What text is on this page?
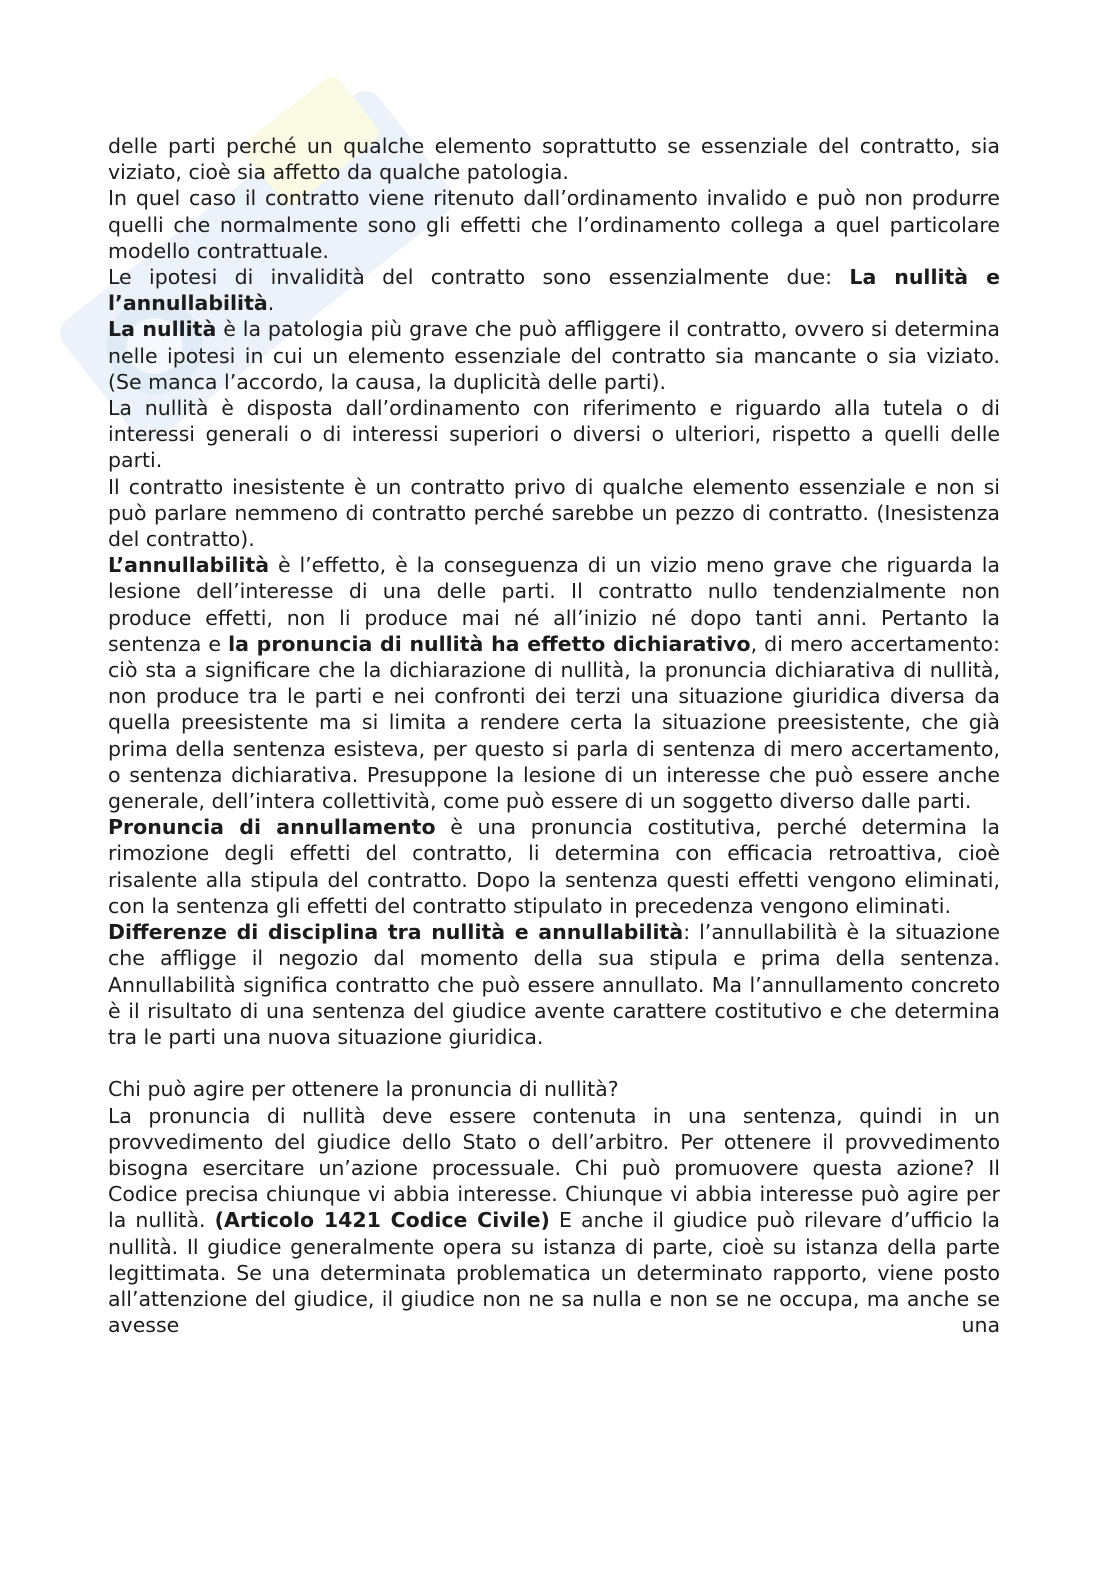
delle parti perché un qualche elemento soprattutto se essenziale del contratto, sia viziato, cioè sia affetto da qualche patologia.

In quel caso il contratto viene ritenuto dall’ordinamento invalido e può non produrre quelli che normalmente sono gli effetti che l’ordinamento collega a quel particolare modello contrattuale.

Le ipotesi di invalidità del contratto sono essenzialmente due: La nullità e l’annullabilità.

La nullità è la patologia più grave che può affliggere il contratto, ovvero si determina nelle ipotesi in cui un elemento essenziale del contratto sia mancante o sia viziato. (Se manca l’accordo, la causa, la duplicità delle parti).

La nullità è disposta dall’ordinamento con riferimento e riguardo alla tutela o di interessi generali o di interessi superiori o diversi o ulteriori, rispetto a quelli delle parti.

Il contratto inesistente è un contratto privo di qualche elemento essenziale e non si può parlare nemmeno di contratto perché sarebbe un pezzo di contratto. (Inesistenza del contratto).

L’annullabilità è l’effetto, è la conseguenza di un vizio meno grave che riguarda la lesione dell’interesse di una delle parti. Il contratto nullo tendenzialmente non produce effetti, non li produce mai né all’inizio né dopo tanti anni. Pertanto la sentenza e la pronuncia di nullità ha effetto dichiarativo, di mero accertamento: ciò sta a significare che la dichiarazione di nullità, la pronuncia dichiarativa di nullità, non produce tra le parti e nei confronti dei terzi una situazione giuridica diversa da quella preesistente ma si limita a rendere certa la situazione preesistente, che già prima della sentenza esisteva, per questo si parla di sentenza di mero accertamento, o sentenza dichiarativa. Presuppone la lesione di un interesse che può essere anche generale, dell’intera collettività, come può essere di un soggetto diverso dalle parti.

Pronuncia di annullamento è una pronuncia costitutiva, perché determina la rimozione degli effetti del contratto, li determina con efficacia retroattiva, cioè risalente alla stipula del contratto. Dopo la sentenza questi effetti vengono eliminati, con la sentenza gli effetti del contratto stipulato in precedenza vengono eliminati.

Differenze di disciplina tra nullità e annullabilità: l’annullabilità è la situazione che affligge il negozio dal momento della sua stipula e prima della sentenza. Annullabilità significa contratto che può essere annullato. Ma l’annullamento concreto è il risultato di una sentenza del giudice avente carattere costitutivo e che determina tra le parti una nuova situazione giuridica.

Chi può agire per ottenere la pronuncia di nullità?

La pronuncia di nullità deve essere contenuta in una sentenza, quindi in un provvedimento del giudice dello Stato o dell’arbitro. Per ottenere il provvedimento bisogna esercitare un’azione processuale. Chi può promuovere questa azione? Il Codice precisa chiunque vi abbia interesse. Chiunque vi abbia interesse può agire per la nullità. (Articolo 1421 Codice Civile) E anche il giudice può rilevare d’ufficio la nullità. Il giudice generalmente opera su istanza di parte, cioè su istanza della parte legittimata. Se una determinata problematica un determinato rapporto, viene posto all’attenzione del giudice, il giudice non ne sa nulla e non se ne occupa, ma anche se avesse una
